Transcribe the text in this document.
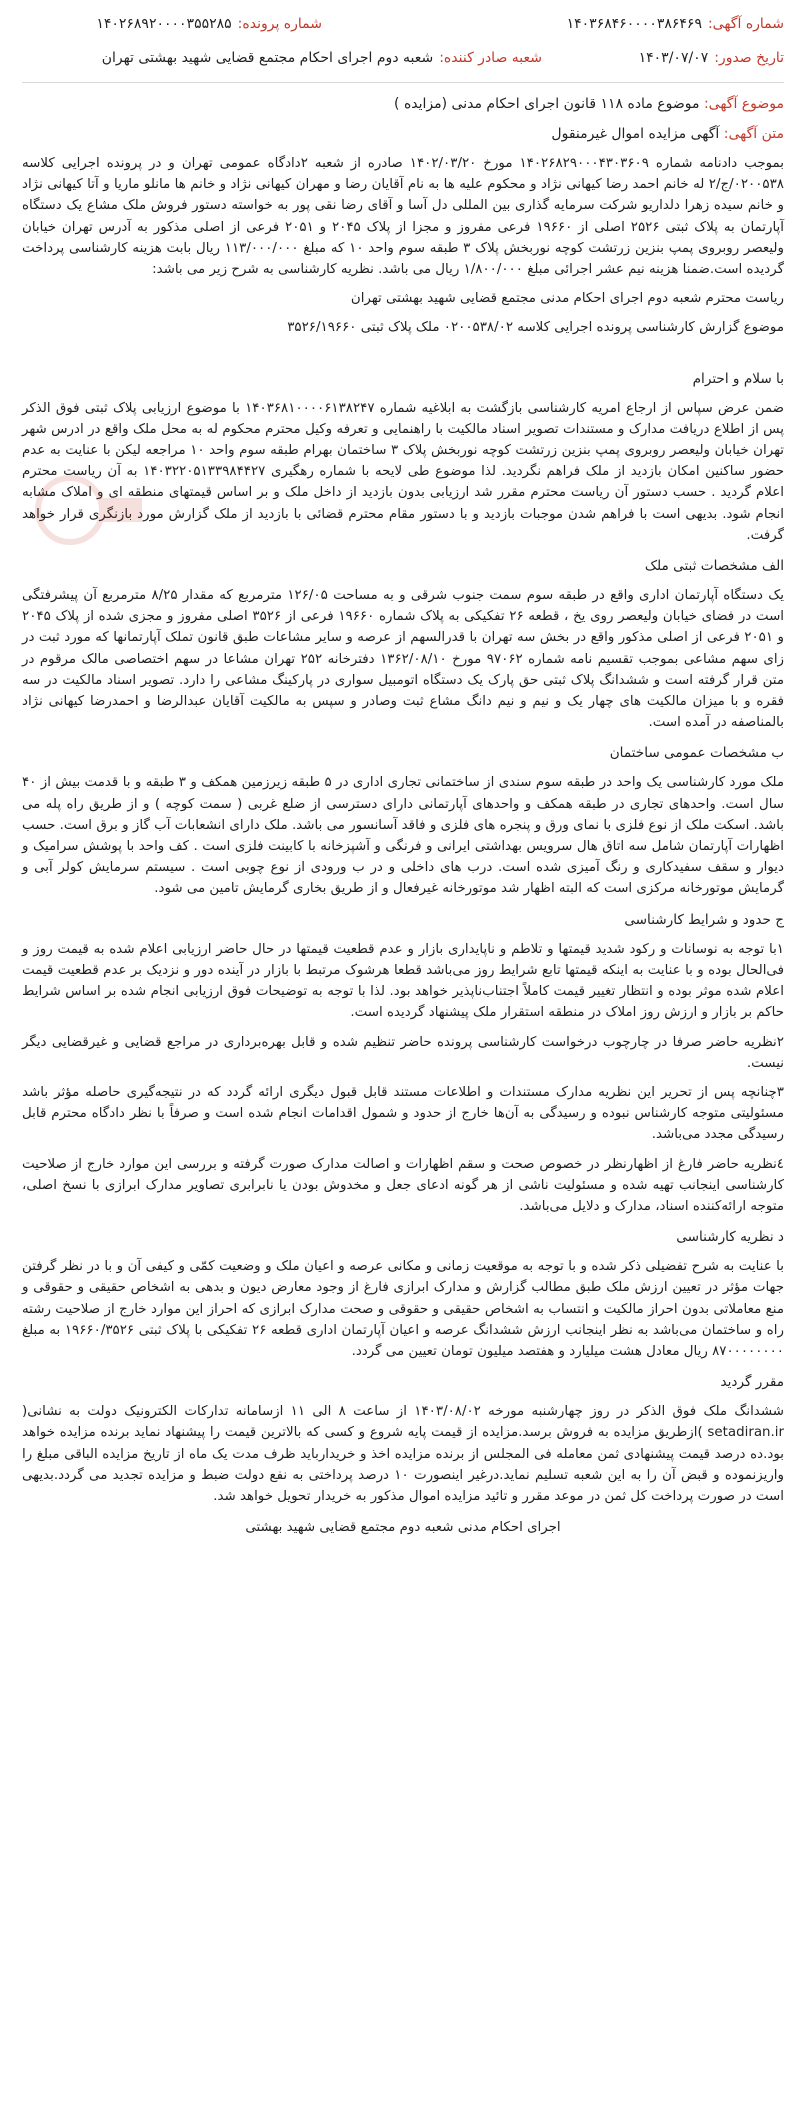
شماره آگهی:
۱۴۰۳۶۸۴۶۰۰۰۰۳۸۶۴۶۹
شماره پرونده:
۱۴۰۲۶۸۹۲۰۰۰۰۳۵۵۲۸۵
تاریخ صدور:
۱۴۰۳/۰۷/۰۷
شعبه صادر کننده:
شعبه دوم اجرای احکام مجتمع قضایی شهید بهشتی تهران
موضوع آگهی: موضوع ماده ۱۱۸ قانون اجرای احکام مدنی (مزایده )
متن آگهی: آگهی مزایده اموال غیرمنقول

بموجب دادنامه شماره ۱۴۰۲۶۸۲۹۰۰۰۴۳۰۳۶۰۹ مورخ ۱۴۰۲/۰۳/۲۰ صادره از شعبه ۲دادگاه عمومی تهران و در پرونده اجرایی کلاسه ۰۲۰۰۵۳۸/ج/۲ له خانم احمد رضا کیهانی نژاد و محکوم علیه ها به نام آقایان رضا و مهران کیهانی نژاد و خانم ها مانلو ماریا و آتا کیهانی نژاد و خانم سیده زهرا دلداریو شرکت سرمایه گذاری بین المللی دل آسا و آقای رضا نقی پور به خواسته دستور فروش ملک مشاع یک دستگاه آپارتمان به پلاک ثبتی ۲۵۲۶ اصلی از ۱۹۶۶۰ فرعی مفروز و مجزا از پلاک ۲۰۴۵ و ۲۰۵۱ فرعی از اصلی مذکور به آدرس تهران خیابان ولیعصر روبروی پمپ بنزین زرتشت کوچه نوربخش پلاک ۳ طبقه سوم واحد ۱۰ که مبلغ ۱۱۳/۰۰۰/۰۰۰ ریال بابت هزینه کارشناسی پرداخت گردیده است.ضمنا هزینه نیم عشر اجرائی مبلغ ۱/۸۰۰/۰۰۰ ریال می باشد. نظریه کارشناسی به شرح زیر می باشد:

ریاست محترم شعبه دوم اجرای احکام مدنی مجتمع قضایی شهید بهشتی تهران

موضوع گزارش کارشناسی پرونده اجرایی کلاسه ۰۲۰۰۵۳۸/۰۲ ملک پلاک ثبتی ۳۵۲۶/۱۹۶۶۰

با سلام و احترام

ضمن عرض سپاس از ارجاع امریه کارشناسی بازگشت به ابلاغیه شماره ۱۴۰۳۶۸۱۰۰۰۰۶۱۳۸۲۴۷ با موضوع ارزیابی پلاک ثبتی فوق الذکر پس از اطلاع دریافت مدارک و مستندات تصویر اسناد مالکیت با راهنمایی و تعرفه وکیل محترم محکوم له به محل ملک واقع در ادرس شهر تهران خیابان ولیعصر روبروی پمپ بنزین زرتشت کوچه نوربخش پلاک ۳ ساختمان بهرام طبقه سوم واحد ۱۰ مراجعه لیکن با عنایت به عدم حضور ساکنین امکان بازدید از ملک فراهم نگردید. لذا موضوع طی لایحه با شماره رهگیری ۱۴۰۳۲۲۰۵۱۳۳۹۸۴۴۲۷ به آن ریاست محترم اعلام گردید . حسب دستور آن ریاست محترم مقرر شد ارزیابی بدون بازدید از داخل ملک و بر اساس قیمتهای منطقه ای و املاک مشابه انجام شود. بدیهی است با فراهم شدن موجبات بازدید و با دستور مقام محترم قضائی با بازدید از ملک گزارش مورد بازنگری قرار خواهد گرفت.

الف مشخصات ثبتی ملک

یک دستگاه آپارتمان اداری واقع در طبقه سوم سمت جنوب شرقی و به مساحت ۱۲۶/۰۵ مترمربع که مقدار ۸/۲۵ مترمربع آن پیشرفتگی است در فضای خیابان ولیعصر روی یخ ، قطعه ۲۶ تفکیکی به پلاک شماره ۱۹۶۶۰ فرعی از ۳۵۲۶ اصلی مفروز و مجزی شده از پلاک ۲۰۴۵ و ۲۰۵۱ فرعی از اصلی مذکور واقع در بخش سه تهران با قدرالسهم از عرصه و سایر مشاعات طبق قانون تملک آپارتمانها که مورد ثبت در زای سهم مشاعی بموجب تقسیم نامه شماره ۹۷۰۶۲ مورخ ۱۳۶۲/۰۸/۱۰ دفترخانه ۲۵۲ تهران مشاعا در سهم اختصاصی مالک مرقوم در متن قرار گرفته است و ششدانگ پلاک ثبتی حق پارک یک دستگاه اتومبیل سواری در پارکینگ مشاعی را دارد. تصویر اسناد مالکیت در سه فقره و با میزان مالکیت های چهار یک و نیم و نیم دانگ مشاع ثبت وصادر و سپس به مالکیت آقایان عبدالرضا و احمدرضا کیهانی نژاد بالمناصفه در آمده است.

ب مشخصات عمومی ساختمان

ملک مورد کارشناسی یک واحد در طبقه سوم سندی از ساختمانی تجاری اداری در ۵ طبقه زیرزمین همکف و ۳ طبقه و با قدمت بیش از ۴۰ سال است. واحدهای تجاری در طبقه همکف و واحدهای آپارتمانی دارای دسترسی از ضلع غربی ( سمت کوچه ) و از طریق راه پله می باشد. اسکت ملک از نوع فلزی با نمای ورق و پنجره های فلزی و فاقد آسانسور می باشد. ملک دارای انشعابات آب گاز و برق است. حسب اظهارات آپارتمان شامل سه اتاق هال سرویس بهداشتی ایرانی و فرنگی و آشپزخانه با کابینت فلزی است . کف واحد با پوشش سرامیک و دیوار و سقف سفیدکاری و رنگ آمیزی شده است. درب های داخلی و در ب ورودی از نوع چوبی است . سیستم سرمایش کولر آبی و گرمایش موتورخانه مرکزی است که البته اظهار شد موتورخانه غیرفعال و از طریق بخاری گرمایش تامین می شود.

ج حدود و شرایط کارشناسی

۱با توجه به نوسانات و رکود شدید قیمتها و تلاطم و ناپایداری بازار و عدم قطعیت قیمتها در حال حاضر ارزیابی اعلام شده به قیمت روز و فی‌الحال بوده و با عنایت به اینکه قیمتها تابع شرایط روز می‌باشد قطعا هرشوک مرتبط با بازار در آینده دور و نزدیک بر عدم قطعیت قیمت اعلام شده موثر بوده و انتظار تغییر قیمت کاملاً اجتناب‌ناپذیر خواهد بود. لذا با توجه به توضیحات فوق ارزیابی انجام شده بر اساس شرایط حاکم بر بازار و ارزش روز املاک در منطقه استقرار ملک پیشنهاد گردیده است.

۲نظریه حاضر صرفا در چارچوب درخواست کارشناسی پرونده حاضر تنظیم شده و قابل بهره‌برداری در مراجع قضایی و غیرقضایی دیگر نیست.

۳چنانچه پس از تحریر این نظریه مدارک مستندات و اطلاعات مستند قابل قبول دیگری ارائه گردد که در نتیجه‌گیری حاصله مؤثر باشد مسئولیتی متوجه کارشناس نبوده و رسیدگی به آن‌ها خارج از حدود و شمول اقدامات انجام شده است و صرفاً با نظر دادگاه محترم قابل رسیدگی مجدد می‌باشد.

٤نظریه حاضر فارغ از اظهارنظر در خصوص صحت و سقم اظهارات و اصالت مدارک صورت گرفته و بررسی این موارد خارج از صلاحیت کارشناسی اینجانب تهیه شده و مسئولیت ناشی از هر گونه ادعای جعل و مخدوش بودن یا نابرابری تصاویر مدارک ابرازی با نسخ اصلی، متوجه ارائه‌کننده اسناد، مدارک و دلایل می‌باشد.

د نظریه کارشناسی

با عنایت به شرح تفضیلی ذکر شده و با توجه به موقعیت زمانی و مکانی عرصه و اعیان ملک و وضعیت کمّی و کیفی آن و با در نظر گرفتن جهات مؤثر در تعیین ارزش ملک طبق مطالب گزارش و مدارک ابرازی فارغ از وجود معارض دیون و بدهی به اشخاص حقیقی و حقوقی و منع معاملاتی بدون احراز مالکیت و انتساب به اشخاص حقیقی و حقوقی و صحت مدارک ابرازی که احراز این موارد خارج از صلاحیت رشته راه و ساختمان می‌باشد به نظر اینجانب ارزش ششدانگ عرصه و اعیان آپارتمان اداری قطعه ۲۶ تفکیکی با پلاک ثبتی ۱۹۶۶۰/۳۵۲۶ به مبلغ ۸۷۰۰۰۰۰۰۰۰ ریال معادل هشت میلیارد و هفتصد میلیون تومان تعیین می گردد.

مقرر گردید

ششدانگ ملک فوق الذکر در روز چهارشنبه مورخه ۱۴۰۳/۰۸/۰۲ از ساعت ۸ الی ۱۱ ازسامانه تدارکات الکترونیک دولت به نشانی( setadiran.ir )ازطریق مزایده به فروش برسد.مزایده از قیمت پایه شروع و کسی که بالاترین قیمت را پیشنهاد نماید برنده مزایده خواهد بود.ده درصد قیمت پیشنهادی ثمن معامله فی المجلس از برنده مزایده اخذ و خریدارباید ظرف مدت یک ماه از تاریخ مزایده الباقی مبلغ را واریزنموده و قبض آن را به این شعبه تسلیم نماید.درغیر اینصورت ۱۰ درصد پرداختی به نفع دولت ضبط و مزایده تجدید می گردد.بدیهی است در صورت پرداخت کل ثمن در موعد مقرر و تائید مزایده اموال مذکور به خریدار تحویل خواهد شد.

اجرای احکام مدنی شعبه دوم مجتمع قضایی شهید بهشتی
